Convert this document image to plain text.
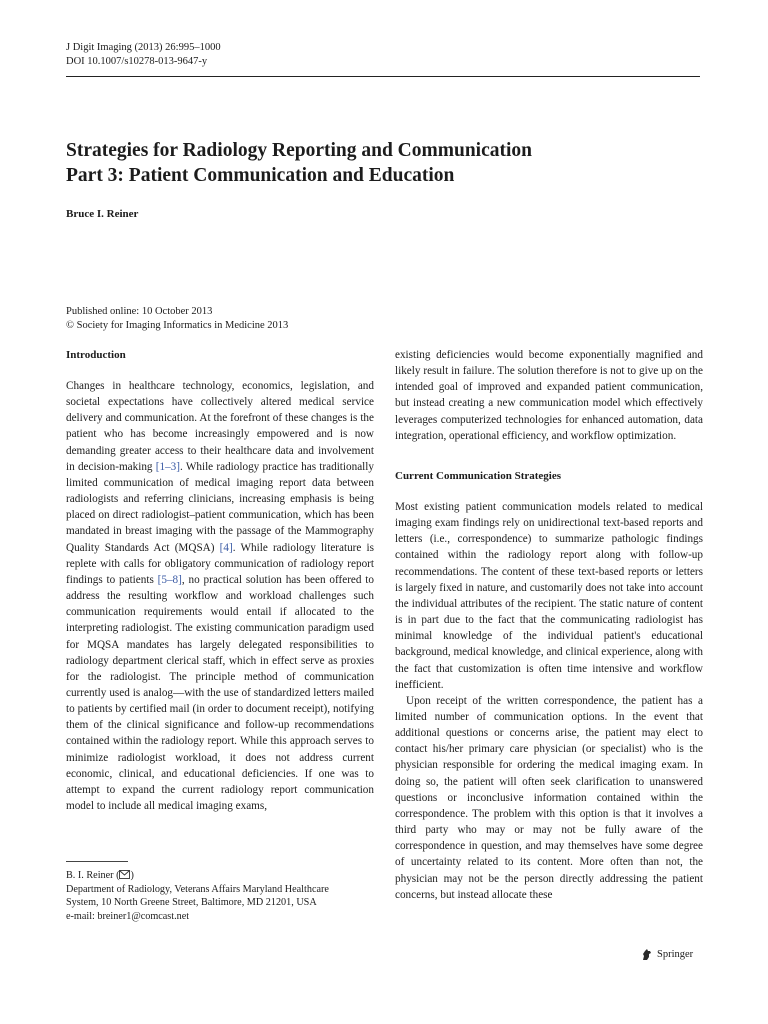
J Digit Imaging (2013) 26:995–1000
DOI 10.1007/s10278-013-9647-y
Strategies for Radiology Reporting and Communication
Part 3: Patient Communication and Education
Bruce I. Reiner
Published online: 10 October 2013
© Society for Imaging Informatics in Medicine 2013
Introduction

Changes in healthcare technology, economics, legislation, and societal expectations have collectively altered medical service delivery and communication. At the forefront of these changes is the patient who has become increasingly empowered and is now demanding greater access to their healthcare data and involvement in decision-making [1–3]. While radiology practice has traditionally limited communication of medical imaging report data between radiologists and referring clinicians, increasing emphasis is being placed on direct radiologist–patient communication, which has been mandated in breast imaging with the passage of the Mammography Quality Standards Act (MQSA) [4]. While radiology literature is replete with calls for obligatory communication of radiology report findings to patients [5–8], no practical solution has been offered to address the resulting workflow and workload challenges such communication requirements would entail if allocated to the interpreting radiologist. The existing communication paradigm used for MQSA mandates has largely delegated responsibilities to radiology department clerical staff, which in effect serve as proxies for the radiologist. The principle method of communication currently used is analog—with the use of standardized letters mailed to patients by certified mail (in order to document receipt), notifying them of the clinical significance and follow-up recommendations contained within the radiology report. While this approach serves to minimize radiologist workload, it does not address current economic, clinical, and educational deficiencies. If one was to attempt to expand the current radiology report communication model to include all medical imaging exams,

existing deficiencies would become exponentially magnified and likely result in failure. The solution therefore is not to give up on the intended goal of improved and expanded patient communication, but instead creating a new communication model which effectively leverages computerized technologies for enhanced automation, data integration, operational efficiency, and workflow optimization.

Current Communication Strategies

Most existing patient communication models related to medical imaging exam findings rely on unidirectional text-based reports and letters (i.e., correspondence) to summarize pathologic findings contained within the radiology report along with follow-up recommendations. The content of these text-based reports or letters is largely fixed in nature, and customarily does not take into account the individual attributes of the recipient. The static nature of content is in part due to the fact that the communicating radiologist has minimal knowledge of the individual patient's educational background, medical knowledge, and clinical experience, along with the fact that customization is often time intensive and workflow inefficient.

Upon receipt of the written correspondence, the patient has a limited number of communication options. In the event that additional questions or concerns arise, the patient may elect to contact his/her primary care physician (or specialist) who is the physician responsible for ordering the medical imaging exam. In doing so, the patient will often seek clarification to unanswered questions or inconclusive information contained within the correspondence. The problem with this option is that it involves a third party who may or may not be fully aware of the correspondence in question, and may themselves have some degree of uncertainty related to its content. More often than not, the physician may not be the person directly addressing the patient concerns, but instead allocate these

B. I. Reiner ( )
Department of Radiology, Veterans Affairs Maryland Healthcare
System, 10 North Greene Street, Baltimore, MD 21201, USA
e-mail: breiner1@comcast.net
Springer
